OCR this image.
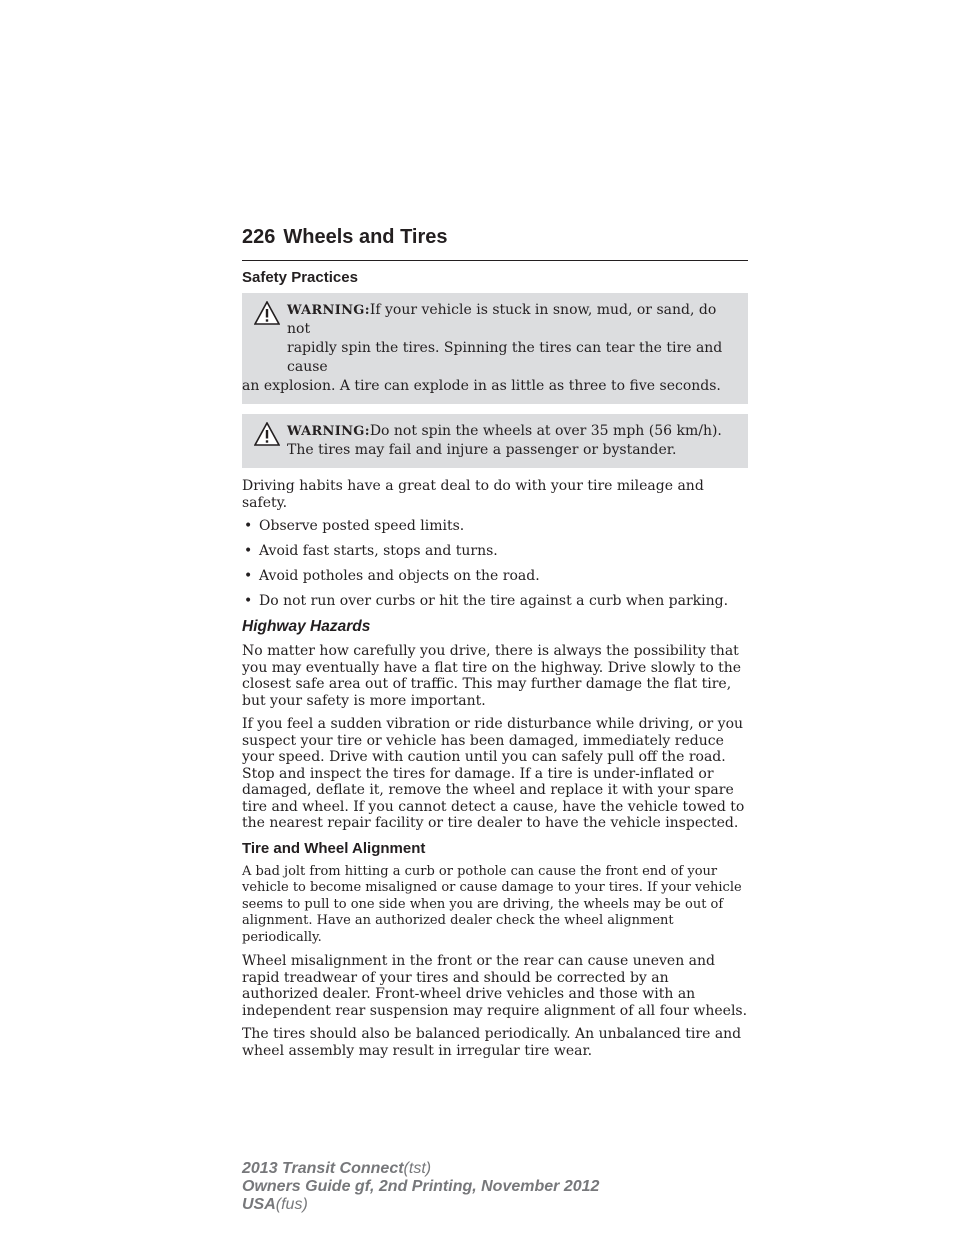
226 Wheels and Tires
Safety Practices
WARNING:If your vehicle is stuck in snow, mud, or sand, do not
rapidly spin the tires. Spinning the tires can tear the tire and cause
an explosion. A tire can explode in as little as three to five seconds.
WARNING:Do not spin the wheels at over 35 mph (56 km/h).
The tires may fail and injure a passenger or bystander.

Driving habits have a great deal to do with your tire mileage and safety.

• Observe posted speed limits.
• Avoid fast starts, stops and turns.
• Avoid potholes and objects on the road.
• Do not run over curbs or hit the tire against a curb when parking.
Highway Hazards

No matter how carefully you drive, there is always the possibility that you may eventually have a flat tire on the highway. Drive slowly to the closest safe area out of traffic. This may further damage the flat tire, but your safety is more important.

If you feel a sudden vibration or ride disturbance while driving, or you suspect your tire or vehicle has been damaged, immediately reduce your speed. Drive with caution until you can safely pull off the road. Stop and inspect the tires for damage. If a tire is under-inflated or damaged, deflate it, remove the wheel and replace it with your spare tire and wheel. If you cannot detect a cause, have the vehicle towed to the nearest repair facility or tire dealer to have the vehicle inspected.

Tire and Wheel Alignment

A bad jolt from hitting a curb or pothole can cause the front end of your vehicle to become misaligned or cause damage to your tires. If your vehicle seems to pull to one side when you are driving, the wheels may be out of alignment. Have an authorized dealer check the wheel alignment periodically.

Wheel misalignment in the front or the rear can cause uneven and rapid treadwear of your tires and should be corrected by an authorized dealer. Front-wheel drive vehicles and those with an independent rear suspension may require alignment of all four wheels.

The tires should also be balanced periodically. An unbalanced tire and wheel assembly may result in irregular tire wear.

2013 Transit Connect(tst)
Owners Guide gf, 2nd Printing, November 2012
USA(fus)
